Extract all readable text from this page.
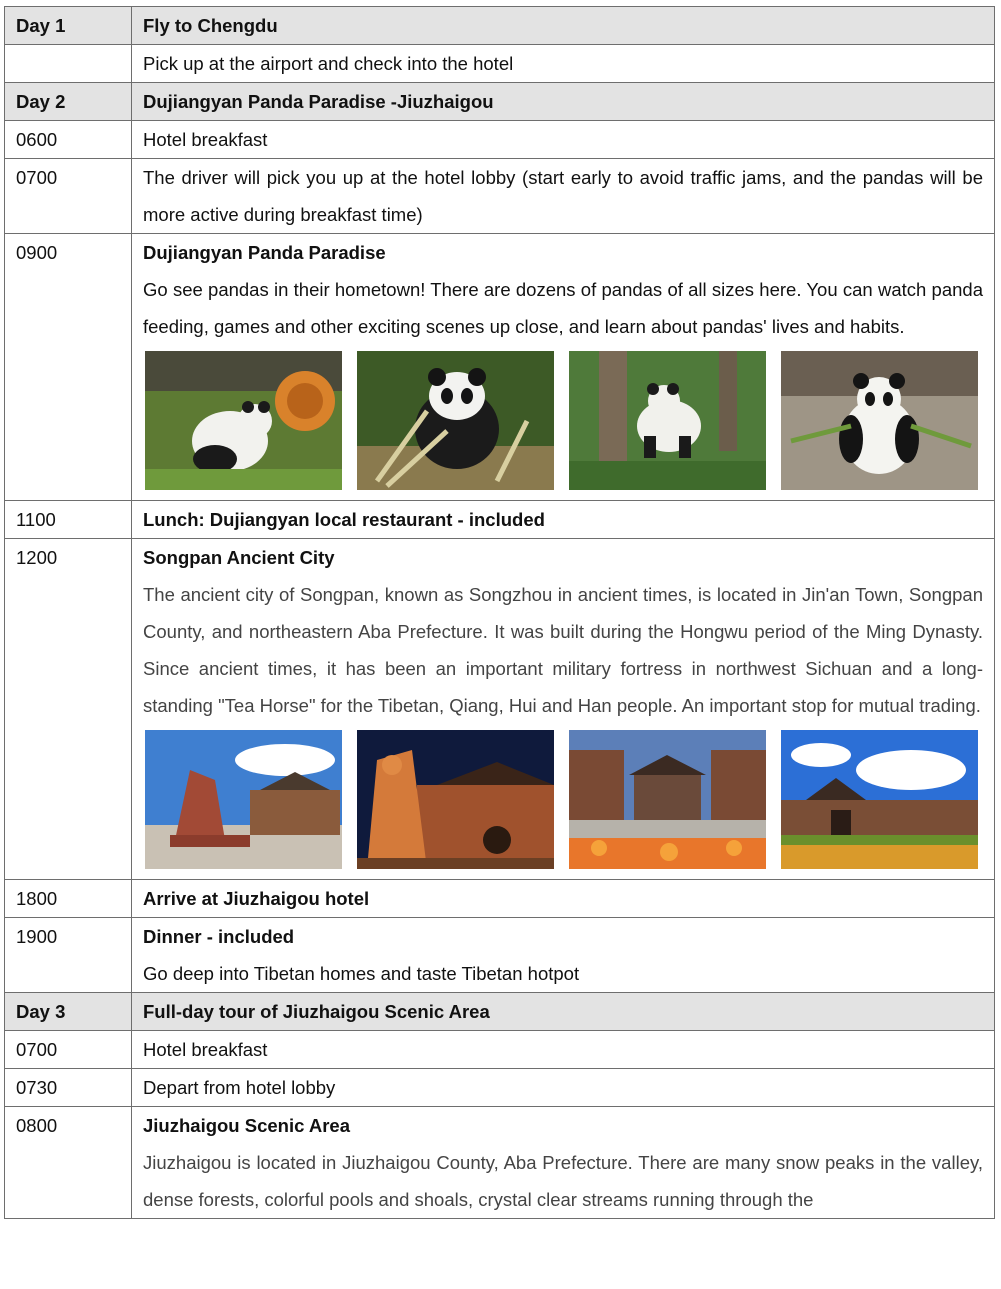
Day 1	Fly to Chengdu
	Pick up at the airport and check into the hotel
Day 2	Dujiangyan Panda Paradise -Jiuzhaigou
0600	Hotel breakfast
0700	The driver will pick you up at the hotel lobby (start early to avoid traffic jams, and the pandas will be more active during breakfast time)
0900	Dujiangyan Panda Paradise
Go see pandas in their hometown! There are dozens of pandas of all sizes here. You can watch panda feeding, games and other exciting scenes up close, and learn about pandas' lives and habits.

1100	Lunch: Dujiangyan local restaurant - included
1200	Songpan Ancient City
The ancient city of Songpan, known as Songzhou in ancient times, is located in Jin'an Town, Songpan County, and northeastern Aba Prefecture. It was built during the Hongwu period of the Ming Dynasty. Since ancient times, it has been an important military fortress in northwest Sichuan and a long-standing "Tea Horse" for the Tibetan, Qiang, Hui and Han people. An important stop for mutual trading.

1800	Arrive at Jiuzhaigou hotel
1900	Dinner - included
Go deep into Tibetan homes and taste Tibetan hotpot

Day 3	Full-day tour of Jiuzhaigou Scenic Area
0700	Hotel breakfast
0730	Depart from hotel lobby
0800	Jiuzhaigou Scenic Area
Jiuzhaigou is located in Jiuzhaigou County, Aba Prefecture. There are many snow peaks in the valley, dense forests, colorful pools and shoals, crystal clear streams running through the
